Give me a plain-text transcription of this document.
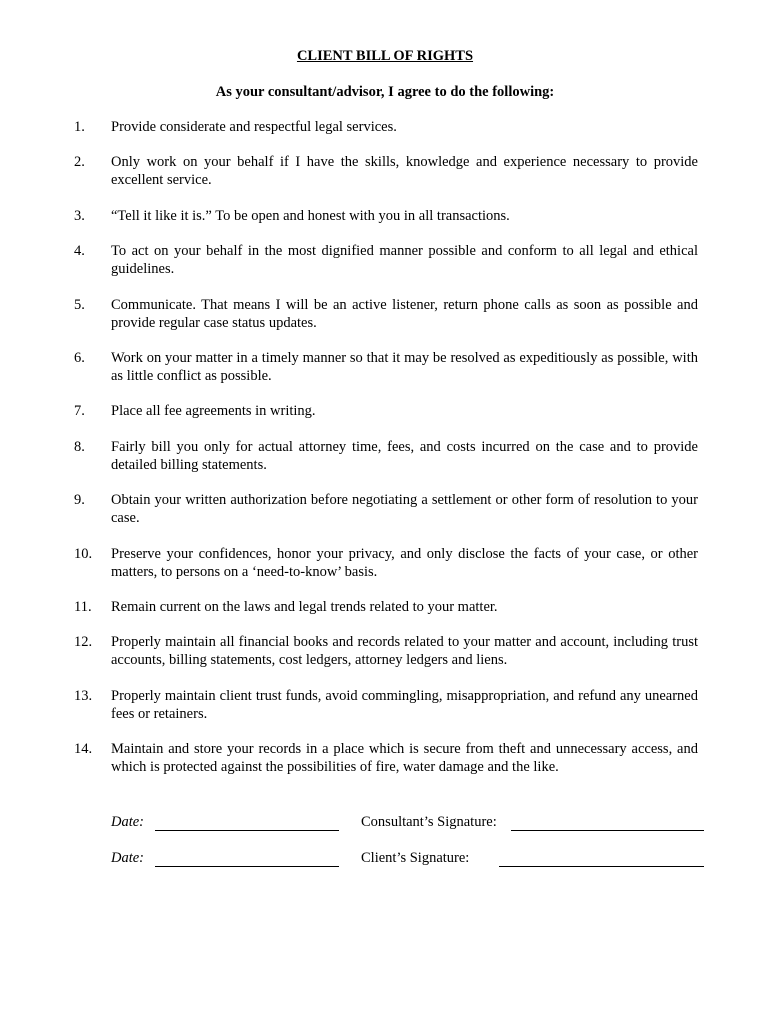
CLIENT BILL OF RIGHTS
As your consultant/advisor, I agree to do the following:
1.	Provide considerate and respectful legal services.
2.	Only work on your behalf if I have the skills, knowledge and experience necessary to provide excellent service.
3.	“Tell it like it is.” To be open and honest with you in all transactions.
4.	To act on your behalf in the most dignified manner possible and conform to all legal and ethical guidelines.
5.	Communicate. That means I will be an active listener, return phone calls as soon as possible and provide regular case status updates.
6.	Work on your matter in a timely manner so that it may be resolved as expeditiously as possible, with as little conflict as possible.
7.	Place all fee agreements in writing.
8.	Fairly bill you only for actual attorney time, fees, and costs incurred on the case and to provide detailed billing statements.
9.	Obtain your written authorization before negotiating a settlement or other form of resolution to your case.
10.	Preserve your confidences, honor your privacy, and only disclose the facts of your case, or other matters, to persons on a ‘need-to-know’ basis.
11.	Remain current on the laws and legal trends related to your matter.
12.	Properly maintain all financial books and records related to your matter and account, including trust accounts, billing statements, cost ledgers, attorney ledgers and liens.
13.	Properly maintain client trust funds, avoid commingling, misappropriation, and refund any unearned fees or retainers.
14.	Maintain and store your records in a place which is secure from theft and unnecessary access, and which is protected against the possibilities of fire, water damage and the like.
Date:	Consultant’s Signature:
Date:	Client’s Signature:
